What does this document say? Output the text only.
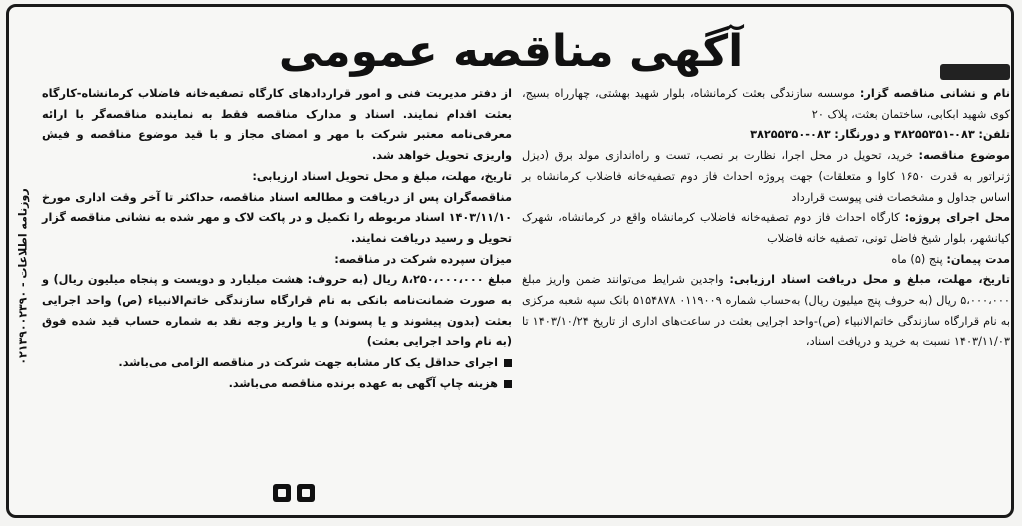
آگهی مناقصه عمومی
روزنامه اطلاعات - ۰۲۱۳۹۰۰۲۳۹۰

نام و نشانی مناقصه گزار: موسسه سازندگی بعثت کرمانشاه، بلوار شهید بهشتی، چهارراه بسیج، کوی شهید ابکابی، ساختمان بعثت، پلاک ۲۰

تلفن: ۰۸۳-۳۸۲۵۵۳۵۱ و دورنگار: ۰۸۳-۳۸۲۵۵۳۵۰

موضوع مناقصه: خرید، تحویل در محل اجرا، نظارت بر نصب، تست و راه‌اندازی مولد برق (دیزل ژنراتور به قدرت ۱۶۵۰ کاوا و متعلقات) جهت پروژه احداث فاز دوم تصفیه‌خانه فاضلاب کرمانشاه بر اساس جداول و مشخصات فنی پیوست قرارداد

محل اجرای پروژه: کارگاه احداث فاز دوم تصفیه‌خانه فاضلاب کرمانشاه واقع در کرمانشاه، شهرک کیانشهر، بلوار شیخ فاضل تونی، تصفیه خانه فاضلاب

مدت پیمان: پنج (۵) ماه

تاریخ، مهلت، مبلغ و محل دریافت اسناد ارزیابی: واجدین شرایط می‌توانند ضمن واریز مبلغ ۵،۰۰۰،۰۰۰ ریال (به حروف پنج میلیون ریال) به‌حساب شماره ۰۱۱۹۰۰۹ ۵۱۵۴۸۷۸ بانک سپه شعبه مرکزی به نام قرارگاه سازندگی خاتم‌الانبیاء (ص)-واحد اجرایی بعثت در ساعت‌های اداری از تاریخ ۱۴۰۳/۱۰/۲۴ تا ۱۴۰۳/۱۱/۰۳ نسبت به خرید و دریافت اسناد،

از دفتر مدیریت فنی و امور قراردادهای کارگاه تصفیه‌خانه فاضلاب کرمانشاه-کارگاه بعثت اقدام نمایند. اسناد و مدارک مناقصه فقط به نماینده مناقصه‌گر با ارائه معرفی‌نامه معتبر شرکت با مهر و امضای مجاز و با قید موضوع مناقصه و فیش واریزی تحویل خواهد شد.

تاریخ، مهلت، مبلغ و محل تحویل اسناد ارزیابی:

مناقصه‌گران پس از دریافت و مطالعه اسناد مناقصه، حداکثر تا آخر وقت اداری مورخ ۱۴۰۳/۱۱/۱۰ اسناد مربوطه را تکمیل و در پاکت لاک و مهر شده به نشانی مناقصه گزار تحویل و رسید دریافت نمایند.

میزان سپرده شرکت در مناقصه:

مبلغ ۸،۲۵۰،۰۰۰،۰۰۰ ریال (به حروف: هشت میلیارد و دویست و پنجاه میلیون ریال) و به صورت ضمانت‌نامه بانکی به نام قرارگاه سازندگی خاتم‌الانبیاء (ص) واحد اجرایی بعثت (بدون پیشوند و یا پسوند) و یا واریز وجه نقد به شماره حساب قید شده فوق (به نام واحد اجرایی بعثت)

اجرای حداقل یک کار مشابه جهت شرکت در مناقصه الزامی می‌باشد.

هزینه چاپ آگهی به عهده برنده مناقصه می‌باشد.
